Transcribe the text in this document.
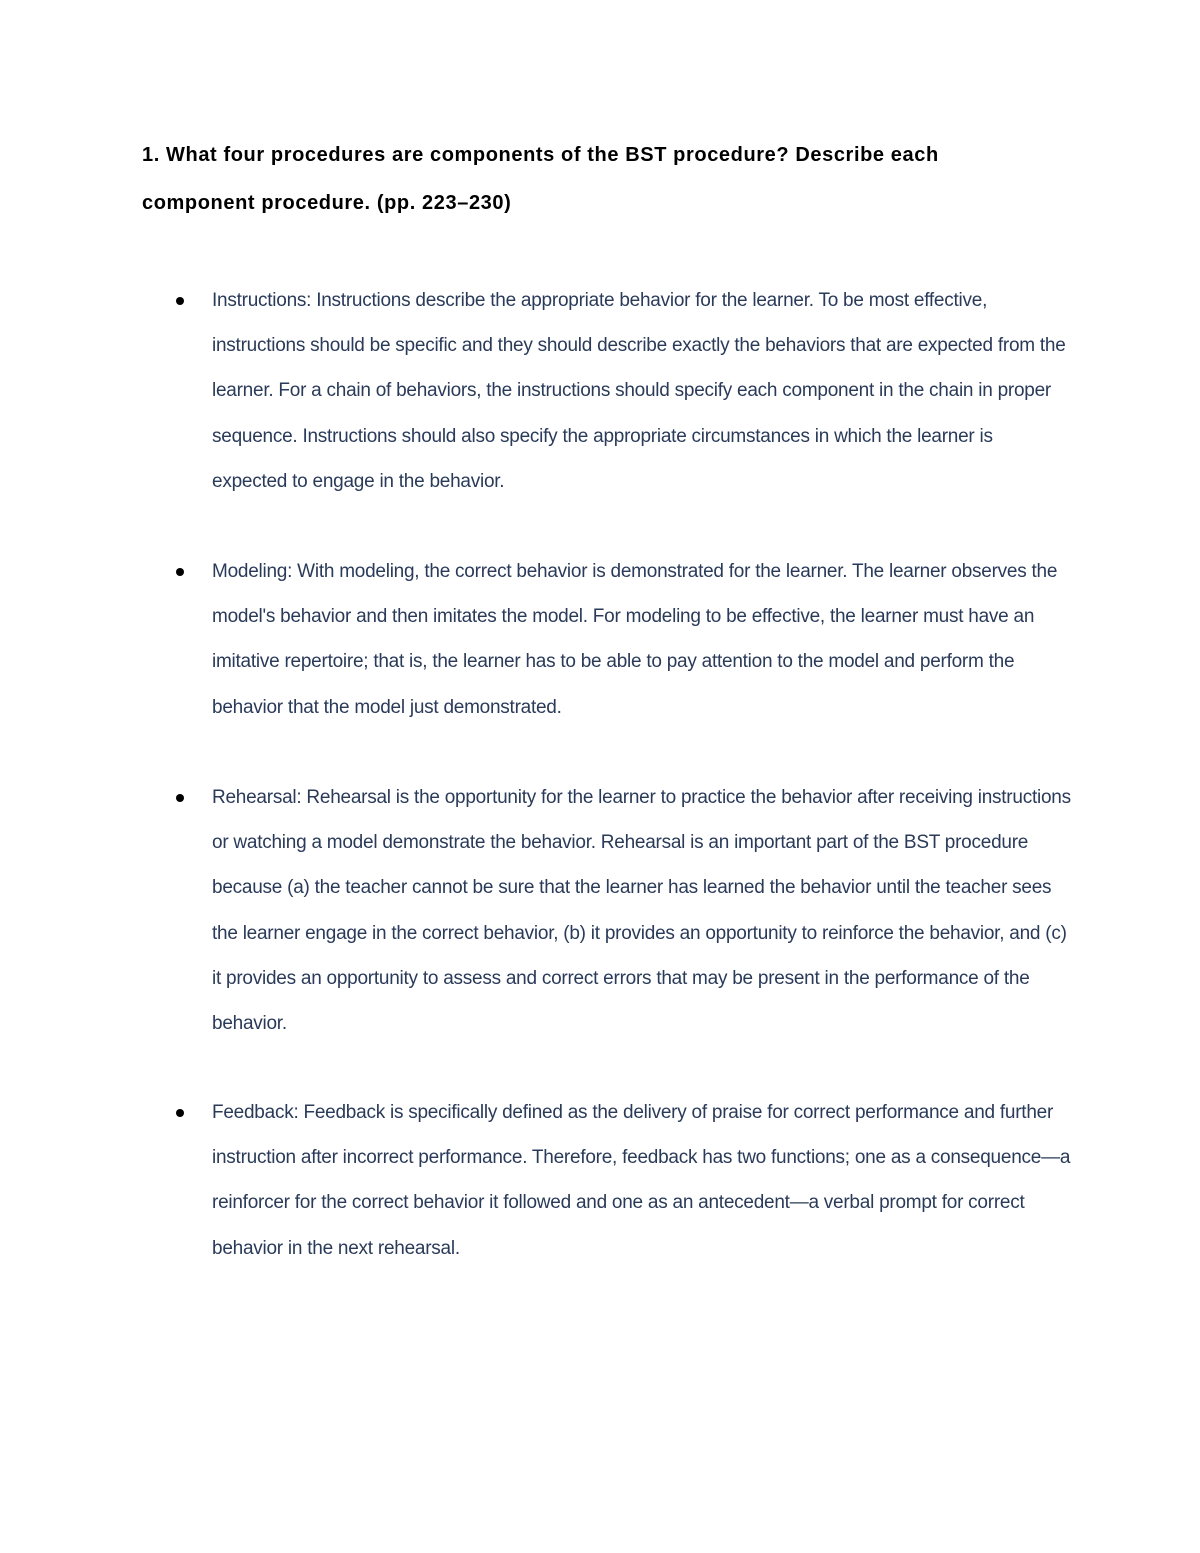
1. What four procedures are components of the BST procedure? Describe each component procedure. (pp. 223–230)

Instructions: Instructions describe the appropriate behavior for the learner. To be most effective, instructions should be specific and they should describe exactly the behaviors that are expected from the learner. For a chain of behaviors, the instructions should specify each component in the chain in proper sequence. Instructions should also specify the appropriate circumstances in which the learner is expected to engage in the behavior.
Modeling: With modeling, the correct behavior is demonstrated for the learner. The learner observes the model's behavior and then imitates the model. For modeling to be effective, the learner must have an imitative repertoire; that is, the learner has to be able to pay attention to the model and perform the behavior that the model just demonstrated.
Rehearsal: Rehearsal is the opportunity for the learner to practice the behavior after receiving instructions or watching a model demonstrate the behavior. Rehearsal is an important part of the BST procedure because (a) the teacher cannot be sure that the learner has learned the behavior until the teacher sees the learner engage in the correct behavior, (b) it provides an opportunity to reinforce the behavior, and (c) it provides an opportunity to assess and correct errors that may be present in the performance of the behavior.
Feedback: Feedback is specifically defined as the delivery of praise for correct performance and further instruction after incorrect performance. Therefore, feedback has two functions; one as a consequence—a reinforcer for the correct behavior it followed and one as an antecedent—a verbal prompt for correct behavior in the next rehearsal.
